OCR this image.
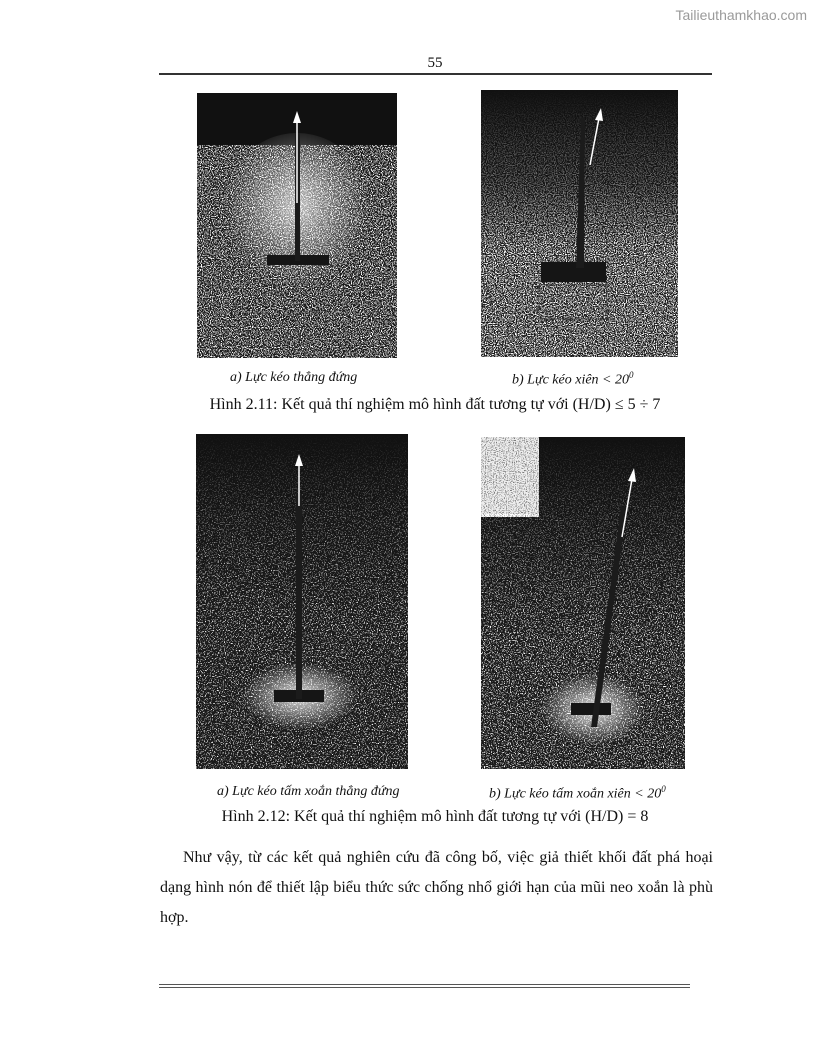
Tailieuthamkhao.com
55
a) Lực kéo thẳng đứng	b) Lực kéo xiên < $20^0$
Hình 2.11: Kết quả thí nghiệm mô hình đất tương tự với (H/D) ≤ 5 ÷ 7
a) Lực kéo tấm xoắn thẳng đứng	b) Lực kéo tấm xoắn xiên < $20^0$
Hình 2.12: Kết quả thí nghiệm mô hình đất tương tự với (H/D) = 8
Như vậy, từ các kết quả nghiên cứu đã công bố, việc giả thiết khối đất phá hoại dạng hình nón để thiết lập biểu thức sức chống nhổ giới hạn của mũi neo xoắn là phù hợp.
